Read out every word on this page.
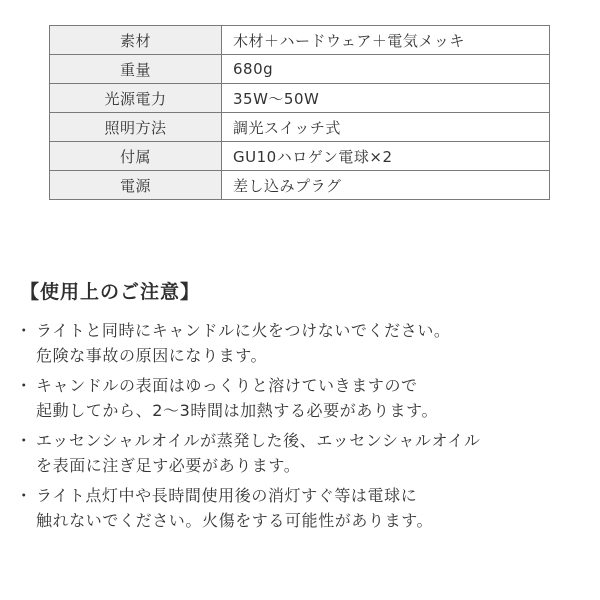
素材	木材＋ハードウェア＋電気メッキ
重量	680g
光源電力	35W〜50W
照明方法	調光スイッチ式
付属	GU10ハロゲン電球×2
電源	差し込みプラグ
【使用上のご注意】
・ ライトと同時にキャンドルに火をつけないでください。
危険な事故の原因になります。
・ キャンドルの表面はゆっくりと溶けていきますので
起動してから、2〜3時間は加熱する必要があります。
・ エッセンシャルオイルが蒸発した後、エッセンシャルオイル
を表面に注ぎ足す必要があります。
・ ライト点灯中や長時間使用後の消灯すぐ等は電球に
触れないでください。火傷をする可能性があります。
